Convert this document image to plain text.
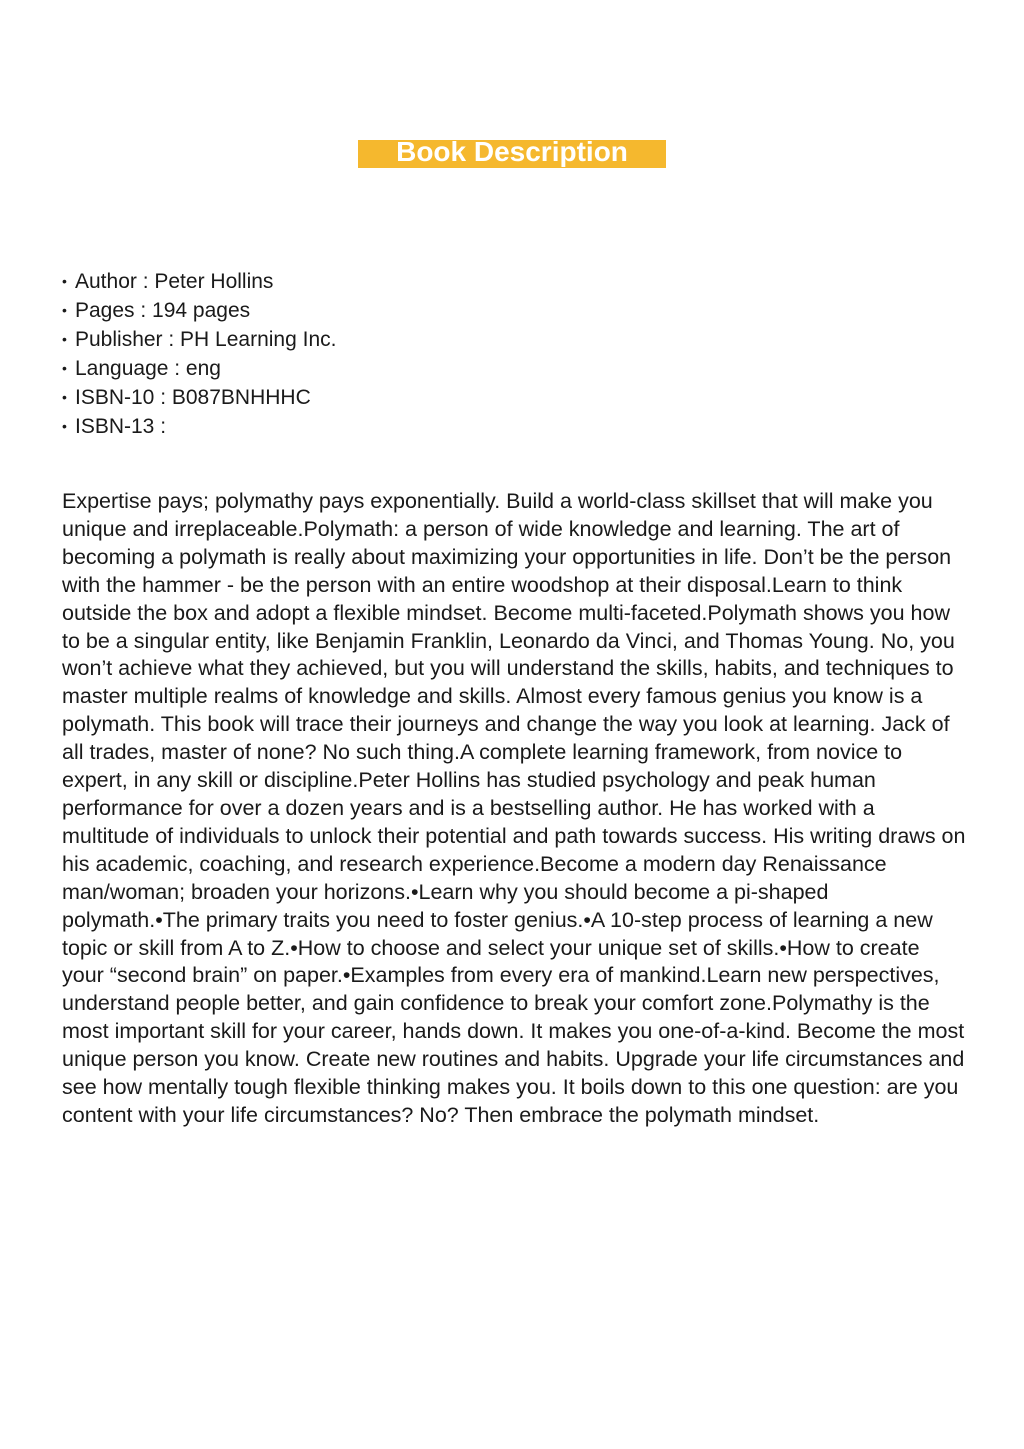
Book Description
• Author : Peter Hollins
• Pages : 194 pages
• Publisher : PH Learning Inc.
• Language : eng
• ISBN-10 : B087BNHHHC
• ISBN-13 :

Expertise pays; polymathy pays exponentially. Build a world-class skillset that will make you unique and irreplaceable.Polymath: a person of wide knowledge and learning. The art of becoming a polymath is really about maximizing your opportunities in life. Don’t be the person with the hammer - be the person with an entire woodshop at their disposal.Learn to think outside the box and adopt a flexible mindset. Become multi-faceted.Polymath shows you how to be a singular entity, like Benjamin Franklin, Leonardo da Vinci, and Thomas Young. No, you won’t achieve what they achieved, but you will understand the skills, habits, and techniques to master multiple realms of knowledge and skills. Almost every famous genius you know is a polymath. This book will trace their journeys and change the way you look at learning. Jack of all trades, master of none? No such thing.A complete learning framework, from novice to expert, in any skill or discipline.Peter Hollins has studied psychology and peak human performance for over a dozen years and is a bestselling author. He has worked with a multitude of individuals to unlock their potential and path towards success. His writing draws on his academic, coaching, and research experience.Become a modern day Renaissance man/woman; broaden your horizons.•Learn why you should become a pi-shaped polymath.•The primary traits you need to foster genius.•A 10-step process of learning a new topic or skill from A to Z.•How to choose and select your unique set of skills.•How to create your “second brain” on paper.•Examples from every era of mankind.Learn new perspectives, understand people better, and gain confidence to break your comfort zone.Polymathy is the most important skill for your career, hands down. It makes you one-of-a-kind. Become the most unique person you know. Create new routines and habits. Upgrade your life circumstances and see how mentally tough flexible thinking makes you. It boils down to this one question: are you content with your life circumstances? No? Then embrace the polymath mindset.
